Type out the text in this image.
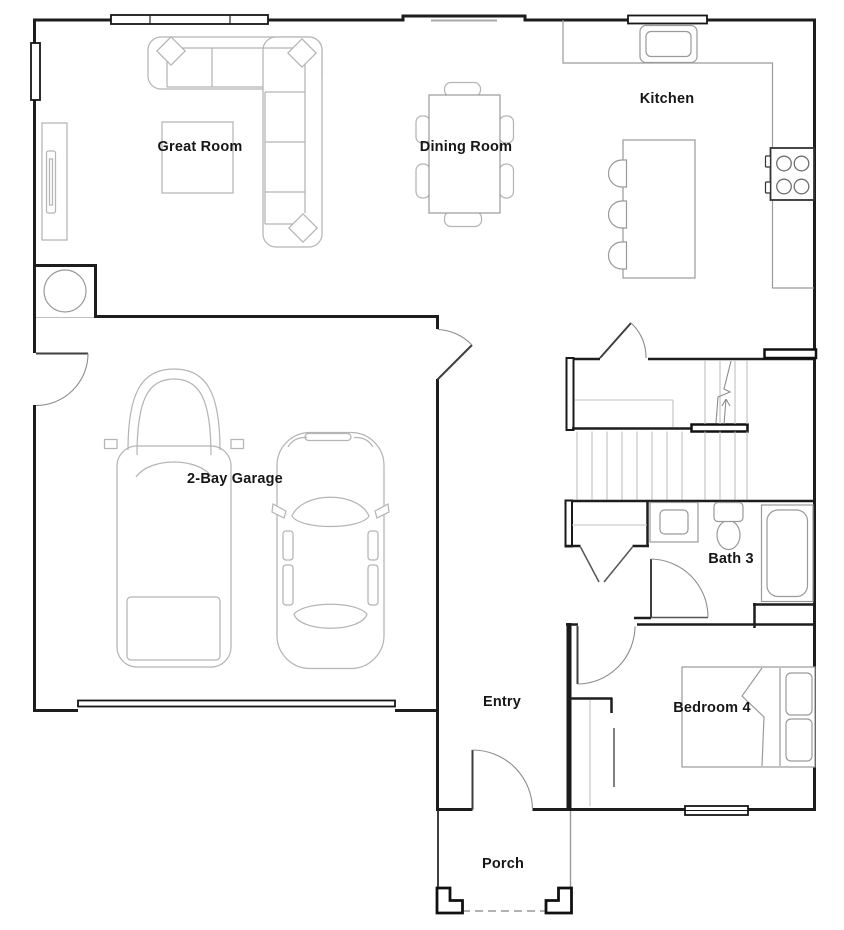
Great Room	Dining Room
Kitchen
2-Bay Garage
Bath 3
Bedroom 4
Entry
Porch
